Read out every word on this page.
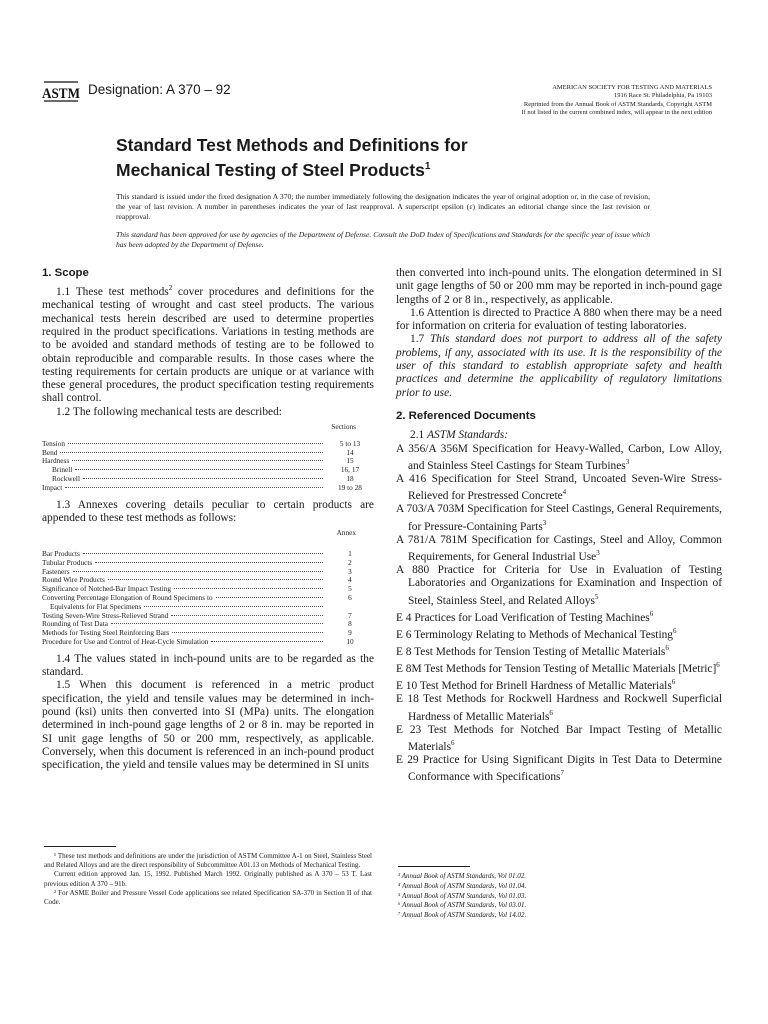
ASTM Designation: A 370 – 92	AMERICAN SOCIETY FOR TESTING AND MATERIALS
1916 Race St. Philadelphia, Pa 19103
Reprinted from the Annual Book of ASTM Standards, Copyright ASTM
If not listed in the current combined index, will appear in the next edition
Standard Test Methods and Definitions for
Mechanical Testing of Steel Products$^1$
This standard is issued under the fixed designation A 370; the number immediately following the designation indicates the year of original adoption or, in the case of revision, the year of last revision. A number in parentheses indicates the year of last reapproval. A superscript epsilon (ε) indicates an editorial change since the last revision or reapproval.
This standard has been approved for use by agencies of the Department of Defense. Consult the DoD Index of Specifications and Standards for the specific year of issue which has been adopted by the Department of Defense.
1. Scope

1.1 These test methods$^2$ cover procedures and definitions for the mechanical testing of wrought and cast steel products. The various mechanical tests herein described are used to determine properties required in the product specifications. Variations in testing methods are to be avoided and standard methods of testing are to be followed to obtain reproducible and comparable results. In those cases where the testing requirements for certain products are unique or at variance with these general procedures, the product specification testing requirements shall control.

1.2 The following mechanical tests are described:

Sections
Tension	5 to 13
Bend	14
Hardness	15
Brinell	16, 17
Rockwell	18
Impact	19 to 28

1.3 Annexes covering details peculiar to certain products are appended to these test methods as follows:

Annex
Bar Products	1
Tubular Products	2
Fasteners	3
Round Wire Products	4
Significance of Notched-Bar Impact Testing	5
Converting Percentage Elongation of Round Specimens to	6
Equivalents for Flat Specimens
Testing Seven-Wire Stress-Relieved Strand	7
Rounding of Test Data	8
Methods for Testing Steel Reinforcing Bars	9
Procedure for Use and Control of Heat-Cycle Simulation	10

1.4 The values stated in inch-pound units are to be regarded as the standard.

1.5 When this document is referenced in a metric product specification, the yield and tensile values may be determined in inch-pound (ksi) units then converted into SI (MPa) units. The elongation determined in inch-pound gage lengths of 2 or 8 in. may be reported in SI unit gage lengths of 50 or 200 mm, respectively, as applicable. Conversely, when this document is referenced in an inch-pound product specification, the yield and tensile values may be determined in SI units

then converted into inch-pound units. The elongation determined in SI unit gage lengths of 50 or 200 mm may be reported in inch-pound gage lengths of 2 or 8 in., respectively, as applicable.

1.6 Attention is directed to Practice A 880 when there may be a need for information on criteria for evaluation of testing laboratories.

1.7 This standard does not purport to address all of the safety problems, if any, associated with its use. It is the responsibility of the user of this standard to establish appropriate safety and health practices and determine the applicability of regulatory limitations prior to use.

2. Referenced Documents

2.1 ASTM Standards:

A 356/A 356M Specification for Heavy-Walled, Carbon, Low Alloy, and Stainless Steel Castings for Steam Turbines$^3$

A 416 Specification for Steel Strand, Uncoated Seven-Wire Stress-Relieved for Prestressed Concrete$^4$

A 703/A 703M Specification for Steel Castings, General Requirements, for Pressure-Containing Parts$^3$

A 781/A 781M Specification for Castings, Steel and Alloy, Common Requirements, for General Industrial Use$^3$

A 880 Practice for Criteria for Use in Evaluation of Testing Laboratories and Organizations for Examination and Inspection of Steel, Stainless Steel, and Related Alloys$^5$

E 4 Practices for Load Verification of Testing Machines$^6$

E 6 Terminology Relating to Methods of Mechanical Testing$^6$

E 8 Test Methods for Tension Testing of Metallic Materials$^6$

E 8M Test Methods for Tension Testing of Metallic Materials [Metric]$^6$

E 10 Test Method for Brinell Hardness of Metallic Materials$^6$

E 18 Test Methods for Rockwell Hardness and Rockwell Superficial Hardness of Metallic Materials$^6$

E 23 Test Methods for Notched Bar Impact Testing of Metallic Materials$^6$

E 29 Practice for Using Significant Digits in Test Data to Determine Conformance with Specifications$^7$

¹ These test methods and definitions are under the jurisdiction of ASTM Committee A-1 on Steel, Stainless Steel and Related Alloys and are the direct responsibility of Subcommittee A01.13 on Methods of Mechanical Testing.

Current edition approved Jan. 15, 1992. Published March 1992. Originally published as A 370 – 53 T. Last previous edition A 370 – 91b.

² For ASME Boiler and Pressure Vessel Code applications see related Specification SA-370 in Section II of that Code.

³ Annual Book of ASTM Standards, Vol 01.02.
⁴ Annual Book of ASTM Standards, Vol 01.04.
⁵ Annual Book of ASTM Standards, Vol 01.03.
⁶ Annual Book of ASTM Standards, Vol 03.01.
⁷ Annual Book of ASTM Standards, Vol 14.02.
